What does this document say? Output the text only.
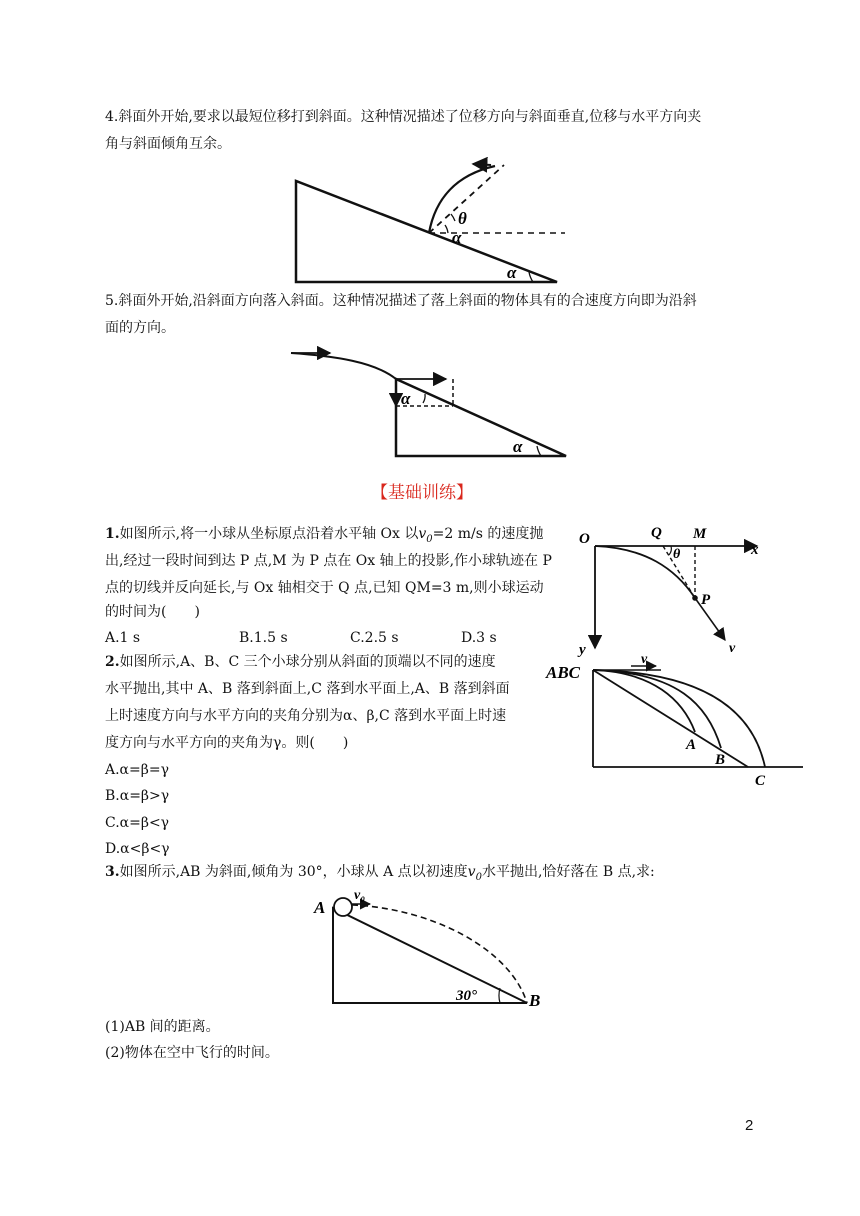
4.斜面外开始,要求以最短位移打到斜面。这种情况描述了位移方向与斜面垂直,位移与水平方向夹
角与斜面倾角互余。
θ
α
α
5.斜面外开始,沿斜面方向落入斜面。这种情况描述了落上斜面的物体具有的合速度方向即为沿斜
面的方向。
α
α
【基础训练】
1.如图所示,将一小球从坐标原点沿着水平轴 Ox 以$v_0=2$ m/s 的速度抛
出,经过一段时间到达 P 点,M 为 P 点在 Ox 轴上的投影,作小球轨迹在 P
点的切线并反向延长,与 Ox 轴相交于 Q 点,已知 QM=3 m,则小球运动
的时间为(　　)
A.1 s	B.1.5 s	C.2.5 s	D.3 s
O	Q M
x
θ
P
y	v
2.如图所示,A、B、C 三个小球分别从斜面的顶端以不同的速度
水平抛出,其中 A、B 落到斜面上,C 落到水平面上,A、B 落到斜面
上时速度方向与水平方向的夹角分别为α、β,C 落到水平面上时速
度方向与水平方向的夹角为γ。则(　　)
A.α=β=γ
B.α=β>γ
C.α=β<γ
D.α<β<γ
ABC
v
A
B
C
3.如图所示,AB 为斜面,倾角为 30°，小球从 A 点以初速度$v_0$水平抛出,恰好落在 B 点,求:
A
v₀
30°	B
(1)AB 间的距离。
(2)物体在空中飞行的时间。
2
